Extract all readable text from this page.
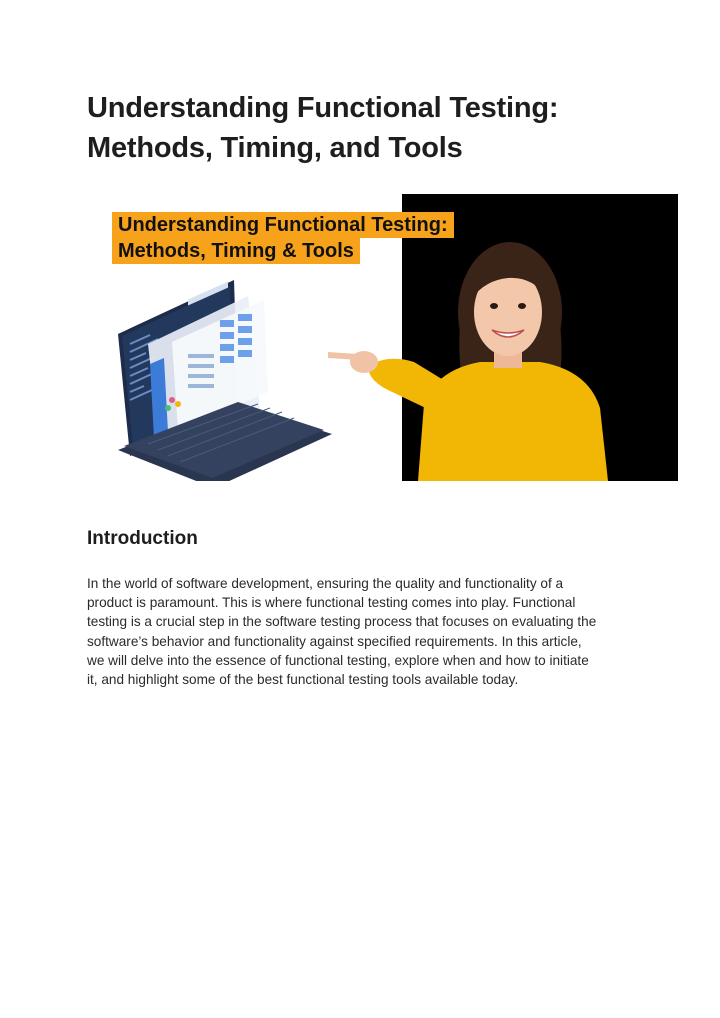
Understanding Functional Testing:
Methods, Timing, and Tools
Understanding Functional Testing:
Methods, Timing & Tools
Introduction

In the world of software development, ensuring the quality and functionality of a
product is paramount. This is where functional testing comes into play. Functional
testing is a crucial step in the software testing process that focuses on evaluating the
software’s behavior and functionality against specified requirements. In this article,
we will delve into the essence of functional testing, explore when and how to initiate
it, and highlight some of the best functional testing tools available today.
